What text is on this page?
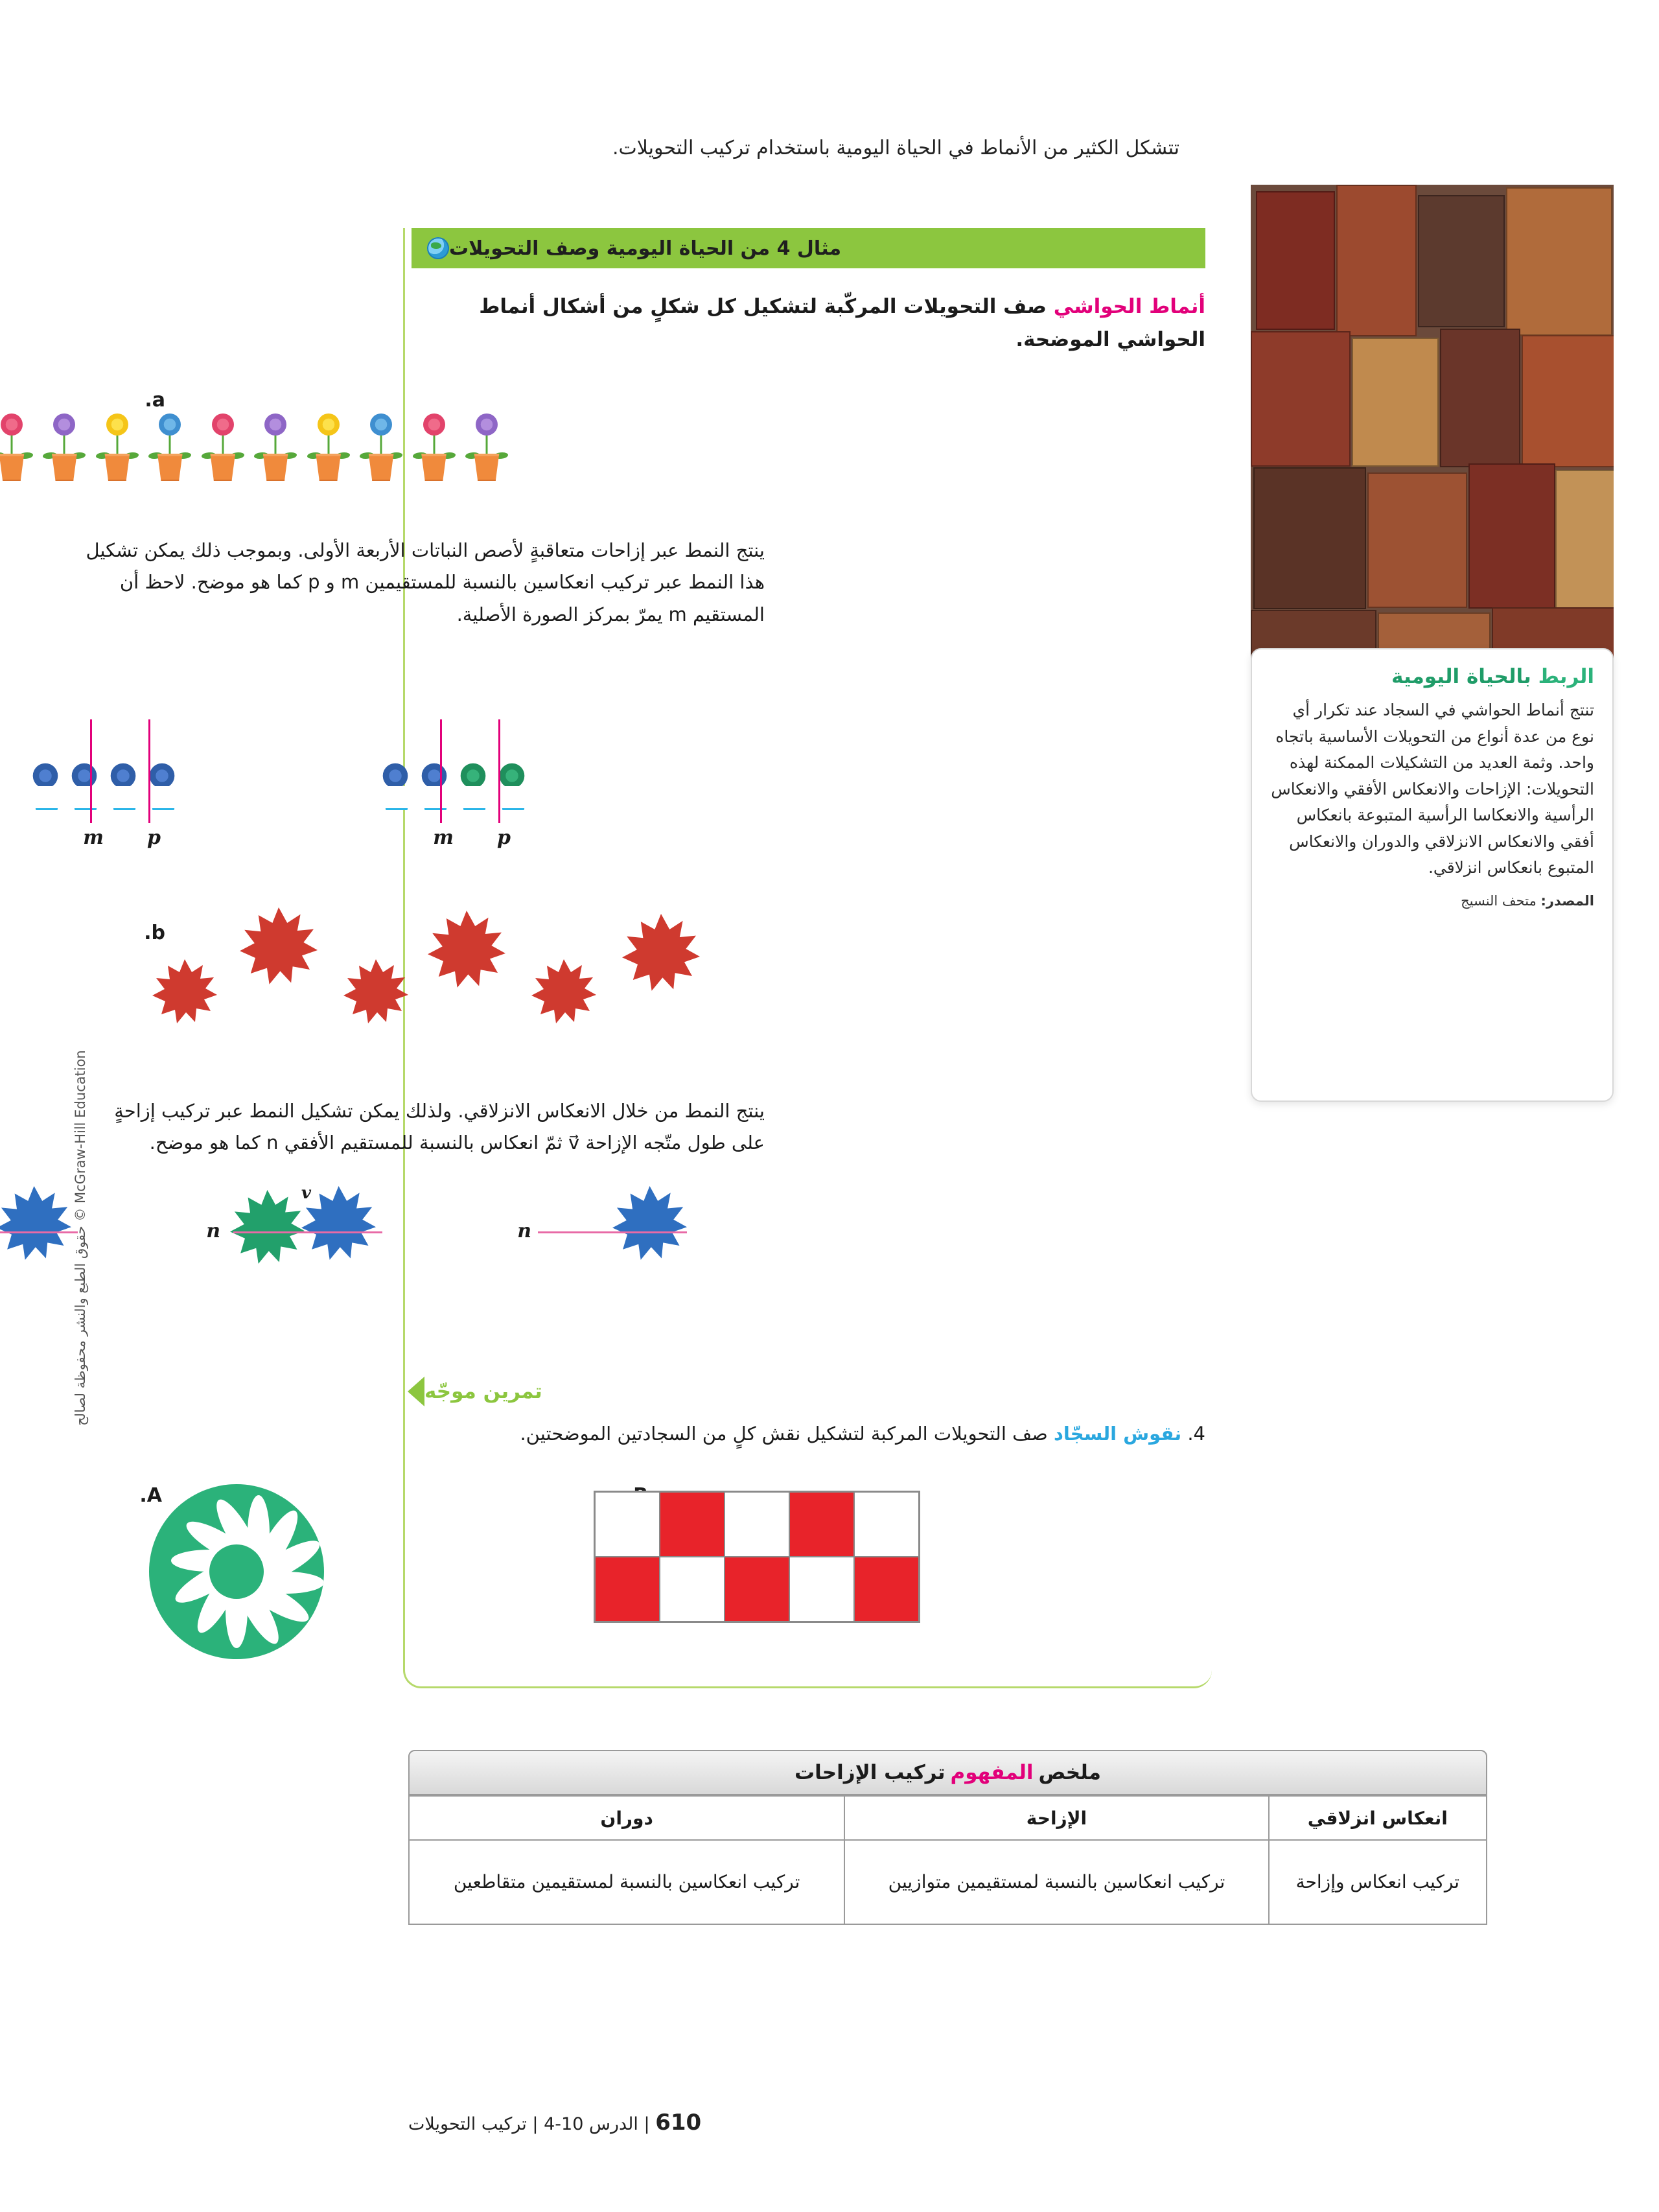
تتشكل الكثير من الأنماط في الحياة اليومية باستخدام تركيب التحويلات.
مثال 4 من الحياة اليومية وصف التحويلات
أنماط الحواشي صف التحويلات المركّبة لتشكيل كل شكلٍ من أشكال أنماط الحواشي الموضحة.
a.
ينتج النمط عبر إزاحات متعاقبةٍ لأصص النباتات الأربعة الأولى. وبموجب ذلك يمكن تشكيل هذا النمط عبر تركيب انعكاسين بالنسبة للمستقيمين m و p كما هو موضح. لاحظ أن المستقيم m يمرّ بمركز الصورة الأصلية.
m p	m p
b.
ينتج النمط من خلال الانعكاس الانزلاقي. ولذلك يمكن تشكيل النمط عبر تركيب إزاحةٍ على طول متّجه الإزاحة v⃗ ثمّ انعكاس بالنسبة للمستقيم الأفقي n كما هو موضح.
n
n
v
تمرين موجّه
4. نقوش السجّاد صف التحويلات المركبة لتشكيل نقش كلٍ من السجادتين الموضحتين.
A.
الربط بالحياة اليومية
تنتج أنماط الحواشي في السجاد عند تكرار أي نوع من عدة أنواع من التحويلات الأساسية باتجاه واحد. وثمة العديد من التشكيلات الممكنة لهذه التحويلات: الإزاحات والانعكاس الأفقي والانعكاس الرأسية والانعكاسا الرأسية المتبوعة بانعكاس أفقي والانعكاس الانزلاقي والدوران والانعكاس المتبوع بانعكاس انزلاقي.
المصدر: متحف النسيج
ملخص
المفهوم
تركيب الإزاحات
انعكاس انزلاقي	الإزاحة	دوران
تركيب انعكاس وإزاحة	تركيب انعكاسين بالنسبة لمستقيمين متوازيين	تركيب انعكاسين بالنسبة لمستقيمين متقاطعين
610 | الدرس 10-4 | تركيب التحويلات
McGraw-Hill Education © حقوق الطبع والنشر محفوظة لصالح
